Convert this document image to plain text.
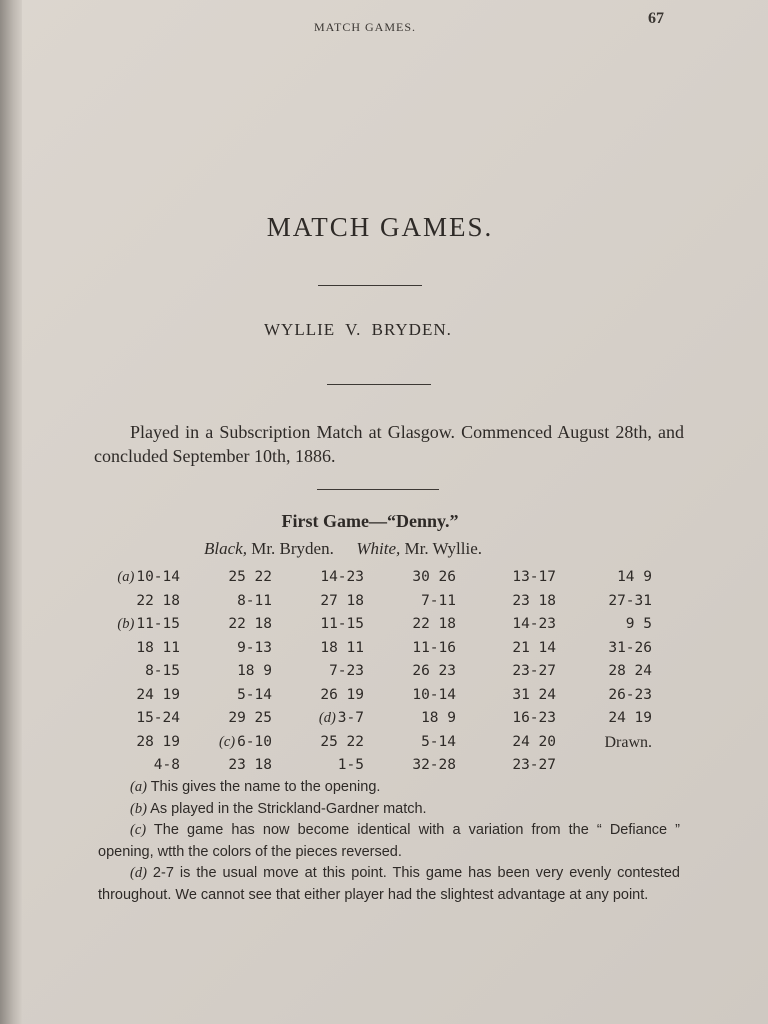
MATCH GAMES.	67
MATCH GAMES.
WYLLIE V. BRYDEN.
Played in a Subscription Match at Glasgow. Commenced August 28th, and concluded September 10th, 1886.
First Game—“Denny.”
Black, Mr. Bryden. White, Mr. Wyllie.
(a) 10-14
22 18
(b) 11-15
18 11
8-15
24 19
15-24
28 19
4-8
25 22
8-11
22 18
9-13
18 9
5-14
29 25
(c) 6-10
23 18
14-23
27 18
11-15
18 11
7-23
26 19
(d) 3-7
25 22
1-5
30 26
7-11
22 18
11-16
26 23
10-14
18 9
5-14
32-28
13-17
23 18
14-23
21 14
23-27
31 24
16-23
24 20
23-27
14 9
27-31
9 5
31-26
28 24
26-23
24 19
Drawn.

(a) This gives the name to the opening.

(b) As played in the Strickland-Gardner match.

(c) The game has now become identical with a variation from the “ Defiance ” opening, wtth the colors of the pieces reversed.

(d) 2-7 is the usual move at this point. This game has been very evenly contested throughout. We cannot see that either player had the slightest advantage at any point.
